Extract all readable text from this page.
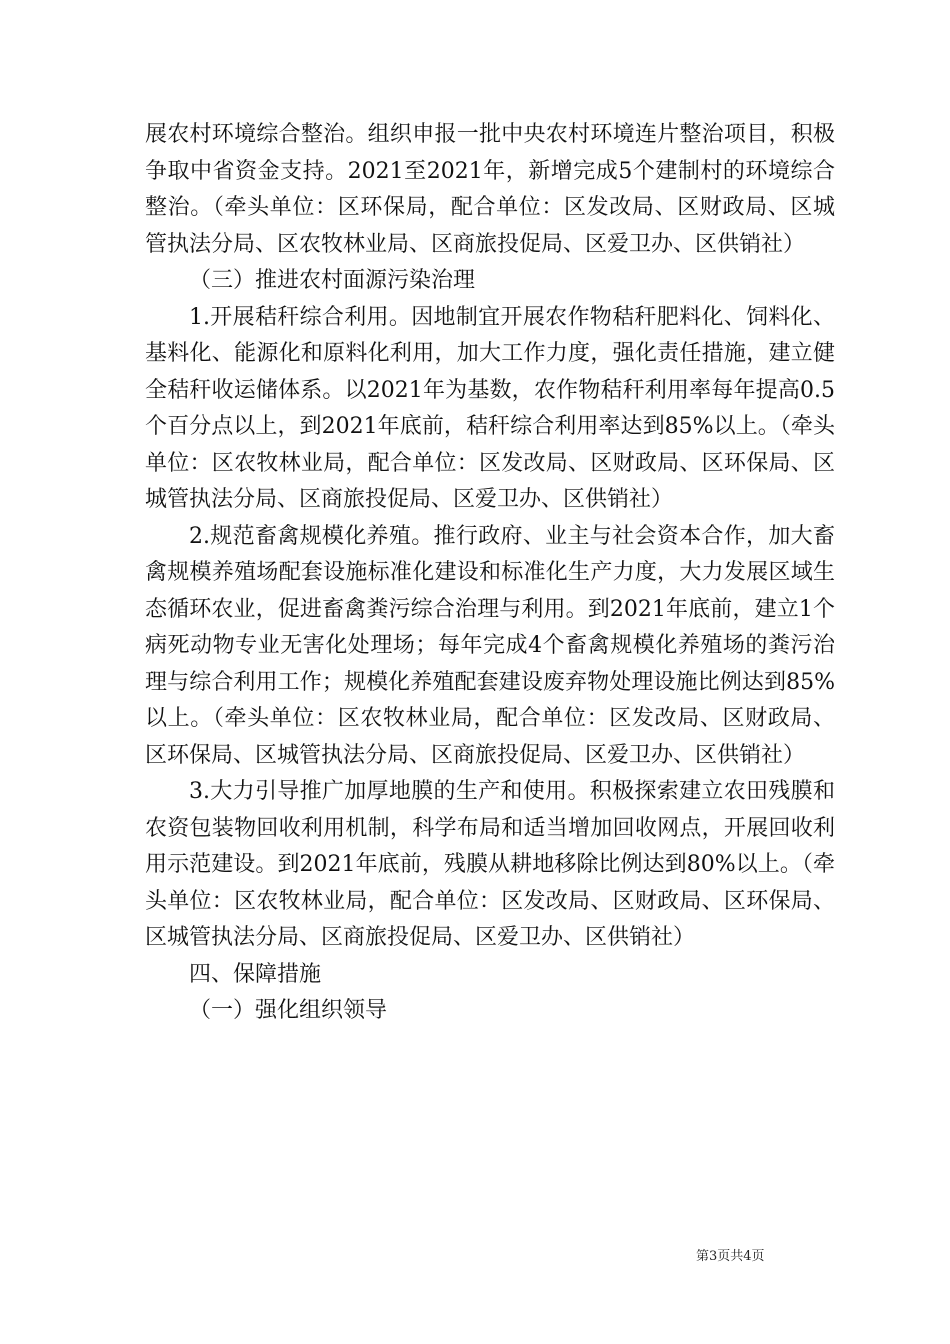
展农村环境综合整治。组织申报一批中央农村环境连片整治项目，积极争取中省资金支持。2021至2021年，新增完成5个建制村的环境综合整治。（牵头单位：区环保局，配合单位：区发改局、区财政局、区城管执法分局、区农牧林业局、区商旅投促局、区爱卫办、区供销社）

（三）推进农村面源污染治理

1.开展秸秆综合利用。因地制宜开展农作物秸秆肥料化、饲料化、基料化、能源化和原料化利用，加大工作力度，强化责任措施，建立健全秸秆收运储体系。以2021年为基数，农作物秸秆利用率每年提高0.5个百分点以上，到2021年底前，秸秆综合利用率达到85%以上。（牵头单位：区农牧林业局，配合单位：区发改局、区财政局、区环保局、区城管执法分局、区商旅投促局、区爱卫办、区供销社）

2.规范畜禽规模化养殖。推行政府、业主与社会资本合作，加大畜禽规模养殖场配套设施标准化建设和标准化生产力度，大力发展区域生态循环农业，促进畜禽粪污综合治理与利用。到2021年底前，建立1个病死动物专业无害化处理场；每年完成4个畜禽规模化养殖场的粪污治理与综合利用工作；规模化养殖配套建设废弃物处理设施比例达到85%以上。（牵头单位：区农牧林业局，配合单位：区发改局、区财政局、区环保局、区城管执法分局、区商旅投促局、区爱卫办、区供销社）

3.大力引导推广加厚地膜的生产和使用。积极探索建立农田残膜和农资包装物回收利用机制，科学布局和适当增加回收网点，开展回收利用示范建设。到2021年底前，残膜从耕地移除比例达到80%以上。（牵头单位：区农牧林业局，配合单位：区发改局、区财政局、区环保局、区城管执法分局、区商旅投促局、区爱卫办、区供销社）

四、保障措施

（一）强化组织领导

第3页共4页
